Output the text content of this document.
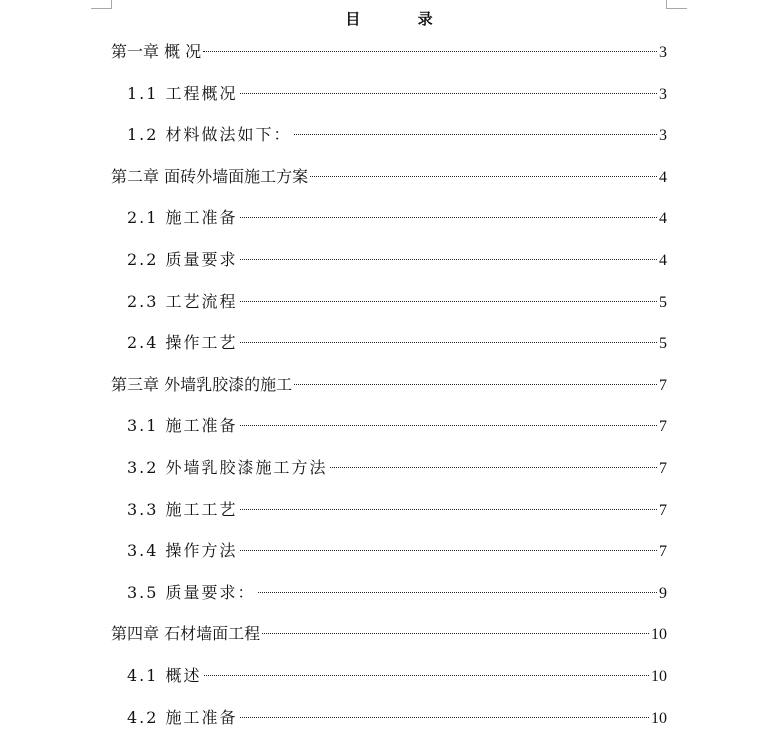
目 录
第一章 概 况	3
1.1 工程概况	3
1.2 材料做法如下：	3
第二章 面砖外墙面施工方案	4
2.1 施工准备	4
2.2 质量要求	4
2.3 工艺流程	5
2.4 操作工艺	5
第三章 外墙乳胶漆的施工	7
3.1 施工准备	7
3.2 外墙乳胶漆施工方法	7
3.3 施工工艺	7
3.4 操作方法	7
3.5 质量要求：	9
第四章 石材墙面工程	10
4.1 概述	10
4.2 施工准备	10
